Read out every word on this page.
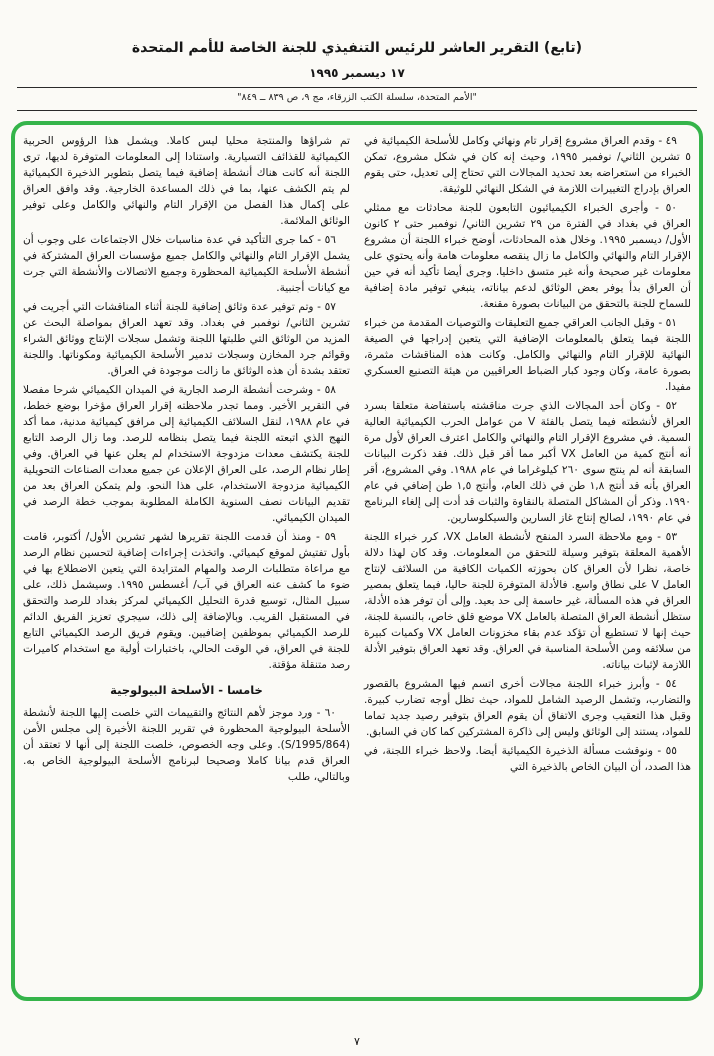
(تابع) التقرير العاشر للرئيس التنفيذي للجنة الخاصة للأمم المتحدة
١٧ ديسمبر ١٩٩٥
"الأمم المتحدة، سلسلة الكتب الزرقاء، مج ٩، ص ٨٣٩ ــ ٨٤٩"

٤٩ - وقدم العراق مشروع إقرار تام ونهائي وكامل للأسلحة الكيميائية في ٥ تشرين الثاني/ نوفمبر ١٩٩٥، وحيث إنه كان في شكل مشروع، تمكن الخبراء من استعراضه بعد تحديد المجالات التي تحتاج إلى تعديل، حتى يقوم العراق بإدراج التغييرات اللازمة في الشكل النهائي للوثيقة.

٥٠ - وأجرى الخبراء الكيميائيون التابعون للجنة محادثات مع ممثلي العراق في بغداد في الفترة من ٢٩ تشرين الثاني/ نوفمبر حتى ٢ كانون الأول/ ديسمبر ١٩٩٥. وخلال هذه المحادثات، أوضح خبراء اللجنة أن مشروع الإقرار التام والنهائي والكامل ما زال ينقصه معلومات هامة وأنه يحتوي على معلومات غير صحيحة وأنه غير متسق داخليا. وجرى أيضا تأكيد أنه في حين أن العراق بدأ يوفر بعض الوثائق لدعم بياناته، ينبغي توفير مادة إضافية للسماح للجنة بالتحقق من البيانات بصورة مقنعة.

٥١ - وقبل الجانب العراقي جميع التعليقات والتوصيات المقدمة من خبراء اللجنة فيما يتعلق بالمعلومات الإضافية التي يتعين إدراجها في الصيغة النهائية للإقرار التام والنهائي والكامل. وكانت هذه المناقشات مثمرة، بصورة عامة، وكان وجود كبار الضباط العراقيين من هيئة التصنيع العسكري مفيدا.

٥٢ - وكان أحد المجالات الذي جرت مناقشته باستفاضة متعلقا بسرد العراق لأنشطته فيما يتصل بالفئة V من عوامل الحرب الكيميائية العالية السمية. في مشروع الإقرار التام والنهائي والكامل اعترف العراق لأول مرة أنه أنتج كمية من العامل VX أكبر مما أقر قبل ذلك. فقد ذكرت البيانات السابقة أنه لم ينتج سوى ٢٦٠ كيلوغراما في عام ١٩٨٨. وفي المشروع، أقر العراق بأنه قد أنتج ١,٨ طن في ذلك العام، وأنتج ١,٥ طن إضافي في عام ١٩٩٠. وذكر أن المشاكل المتصلة بالنقاوة والثبات قد أدت إلى إلغاء البرنامج في عام ١٩٩٠، لصالح إنتاج غاز السارين والسيكلوسارين.

٥٣ - ومع ملاحظة السرد المنقح لأنشطة العامل VX، كرر خبراء اللجنة الأهمية المعلقة بتوفير وسيلة للتحقق من المعلومات. وقد كان لهذا دلالة خاصة، نظرا لأن العراق كان بحوزته الكميات الكافية من السلائف لإنتاج العامل V على نطاق واسع. فالأدلة المتوفرة للجنة حاليا، فيما يتعلق بمصير العراق في هذه المسألة، غير حاسمة إلى حد بعيد. وإلى أن توفر هذه الأدلة، ستظل أنشطة العراق المتصلة بالعامل VX موضع قلق خاص، بالنسبة للجنة، حيث إنها لا تستطيع أن تؤكد عدم بقاء مخزونات العامل VX وكميات كبيرة من سلائفه ومن الأسلحة المناسبة في العراق. وقد تعهد العراق بتوفير الأدلة اللازمة لإثبات بياناته.

٥٤ - وأبرز خبراء اللجنة مجالات أخرى اتسم فيها المشروع بالقصور والتضارب، وتشمل الرصيد الشامل للمواد، حيث تظل أوجه تضارب كبيرة. وقبل هذا التعقيب وجرى الاتفاق أن يقوم العراق بتوفير رصيد جديد تماما للمواد، يستند إلى الوثائق وليس إلى ذاكرة المشتركين كما كان في السابق.

٥٥ - ونوقشت مسألة الذخيرة الكيميائية أيضا. ولاحظ خبراء اللجنة، في هذا الصدد، أن البيان الخاص بالذخيرة التي

تم شراؤها والمنتجة محليا ليس كاملا. ويشمل هذا الرؤوس الحربية الكيميائية للقذائف التسيارية. واستنادا إلى المعلومات المتوفرة لديها، ترى اللجنة أنه كانت هناك أنشطة إضافية فيما يتصل بتطوير الذخيرة الكيميائية لم يتم الكشف عنها، بما في ذلك المساعدة الخارجية. وقد وافق العراق على إكمال هذا الفصل من الإقرار التام والنهائي والكامل وعلى توفير الوثائق الملائمة.

٥٦ - كما جرى التأكيد في عدة مناسبات خلال الاجتماعات على وجوب أن يشمل الإقرار التام والنهائي والكامل جميع مؤسسات العراق المشتركة في أنشطة الأسلحة الكيميائية المحظورة وجميع الاتصالات والأنشطة التي جرت مع كيانات أجنبية.

٥٧ - وتم توفير عدة وثائق إضافية للجنة أثناء المناقشات التي أجريت في تشرين الثاني/ نوفمبر في بغداد. وقد تعهد العراق بمواصلة البحث عن المزيد من الوثائق التي طلبتها اللجنة وتشمل سجلات الإنتاج ووثائق الشراء وقوائم جرد المخازن وسجلات تدمير الأسلحة الكيميائية ومكوناتها. واللجنة تعتقد بشدة أن هذه الوثائق ما زالت موجودة في العراق.

٥٨ - وشرحت أنشطة الرصد الجارية في الميدان الكيميائي شرحا مفصلا في التقرير الأخير. ومما تجدر ملاحظته إقرار العراق مؤخرا بوضع خطط، في عام ١٩٨٨، لنقل السلائف الكيميائية إلى مرافق كيميائية مدنية، مما أكد النهج الذي اتبعته اللجنة فيما يتصل بنظامه للرصد. وما زال الرصد التابع للجنة يكتشف معدات مزدوجة الاستخدام لم يعلن عنها في العراق. وفي إطار نظام الرصد، على العراق الإعلان عن جميع معدات الصناعات التحويلية الكيميائية مزدوجة الاستخدام، على هذا النحو. ولم يتمكن العراق بعد من تقديم البيانات نصف السنوية الكاملة المطلوبة بموجب خطة الرصد في الميدان الكيميائي.

٥٩ - ومنذ أن قدمت اللجنة تقريرها لشهر تشرين الأول/ أكتوبر، قامت بأول تفتيش لموقع كيميائي. واتخذت إجراءات إضافية لتحسين نظام الرصد مع مراعاة متطلبات الرصد والمهام المتزايدة التي يتعين الاضطلاع بها في ضوء ما كشف عنه العراق في آب/ أغسطس ١٩٩٥. وسيشمل ذلك، على سبيل المثال، توسيع قدرة التحليل الكيميائي لمركز بغداد للرصد والتحقق في المستقبل القريب. وبالإضافة إلى ذلك، سيجري تعزيز الفريق الدائم للرصد الكيميائي بموظفين إضافيين. ويقوم فريق الرصد الكيميائي التابع للجنة في العراق، في الوقت الحالي، باختبارات أولية مع استخدام كاميرات رصد متنقلة مؤقتة.

خامسا - الأسلحة البيولوجية

٦٠ - ورد موجز لأهم النتائج والتقييمات التي خلصت إليها اللجنة لأنشطة الأسلحة البيولوجية المحظورة في تقرير اللجنة الأخيرة إلى مجلس الأمن (S/1995/864). وعلى وجه الخصوص، خلصت اللجنة إلى أنها لا تعتقد أن العراق قدم بيانا كاملا وصحيحا لبرنامج الأسلحة البيولوجية الخاص به. وبالتالي، طلب

٧
